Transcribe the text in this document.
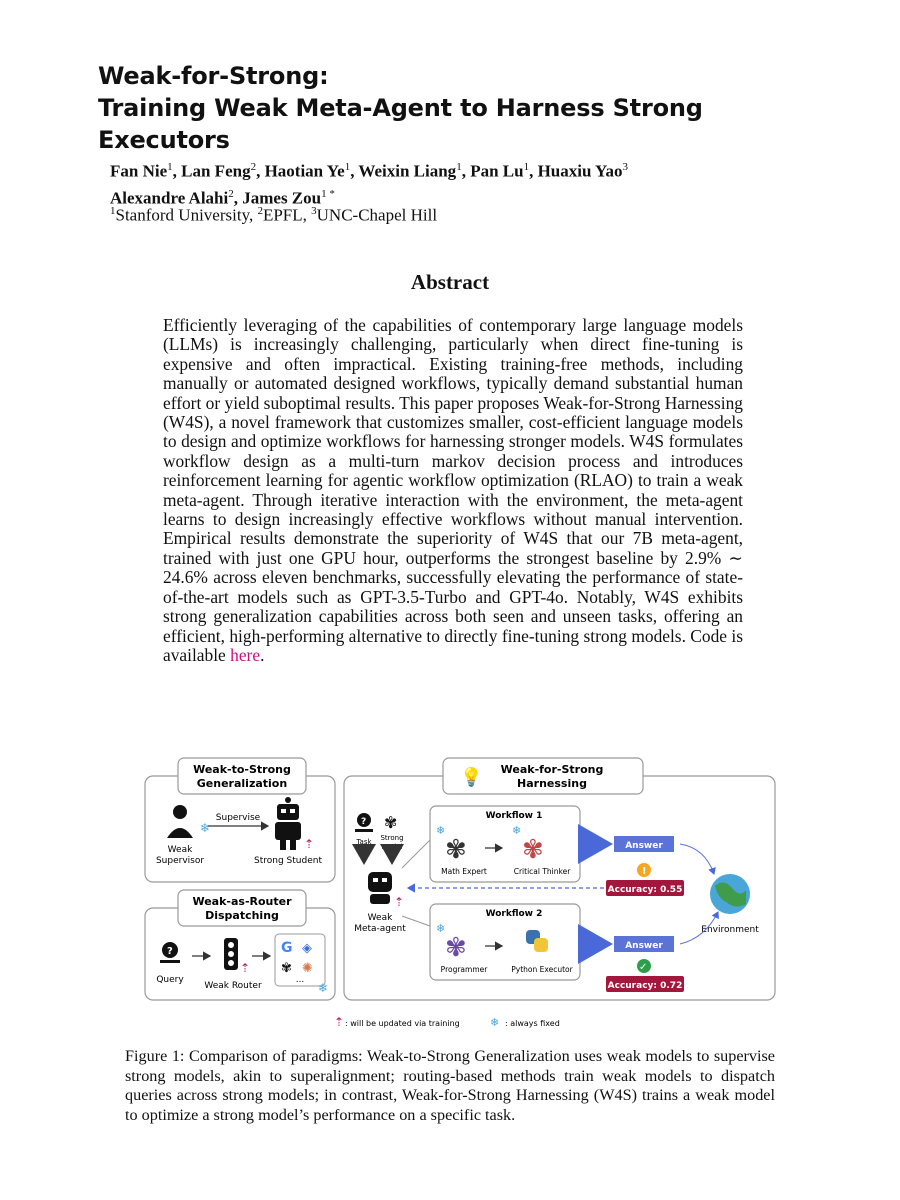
Weak-for-Strong:
Training Weak Meta-Agent to Harness Strong Executors
Fan Nie$^1$, Lan Feng$^2$, Haotian Ye$^1$, Weixin Liang$^1$, Pan Lu$^1$, Huaxiu Yao$^3$
Alexandre Alahi$^2$, James Zou$^{1 *}$
$^1$Stanford University, $^2$EPFL, $^3$UNC-Chapel Hill
Abstract
Efficiently leveraging of the capabilities of contemporary large language models (LLMs) is increasingly challenging, particularly when direct fine-tuning is expensive and often impractical. Existing training-free methods, including manually or automated designed workflows, typically demand substantial human effort or yield suboptimal results. This paper proposes Weak-for-Strong Harnessing (W4S), a novel framework that customizes smaller, cost-efficient language models to design and optimize workflows for harnessing stronger models. W4S formulates workflow design as a multi-turn markov decision process and introduces reinforcement learning for agentic workflow optimization (RLAO) to train a weak meta-agent. Through iterative interaction with the environment, the meta-agent learns to design increasingly effective workflows without manual intervention. Empirical results demonstrate the superiority of W4S that our 7B meta-agent, trained with just one GPU hour, outperforms the strongest baseline by 2.9% ∼ 24.6% across eleven benchmarks, successfully elevating the performance of state-of-the-art models such as GPT-3.5-Turbo and GPT-4o. Notably, W4S exhibits strong generalization capabilities across both seen and unseen tasks, offering an efficient, high-performing alternative to directly fine-tuning strong models. Code is available here.
Weak-to-Strong
Generalization
❄
Weak
Supervisor
Supervise
⇡
Strong Student
Weak-as-Router
Dispatching
?
Query
⇡
Weak Router
G ◈
✾ ✺
...
❄
💡 Weak-for-Strong
Harnessing
?
Task
✾
Strong
Model
⇡
Weak
Meta-agent
Workflow 1
✾
❄
✾
❄
Math Expert	Critical Thinker
Workflow 2
✾
❄
Programmer	Python Executor
Answer
Answer
!
Accuracy: 0.55
✓
Accuracy: 0.72
Environment
⇡ : will be updated via training	❄ : always fixed
Figure 1: Comparison of paradigms: Weak-to-Strong Generalization uses weak models to supervise strong models, akin to superalignment; routing-based methods train weak models to dispatch queries across strong models; in contrast, Weak-for-Strong Harnessing (W4S) trains a weak model to optimize a strong model’s performance on a specific task.
